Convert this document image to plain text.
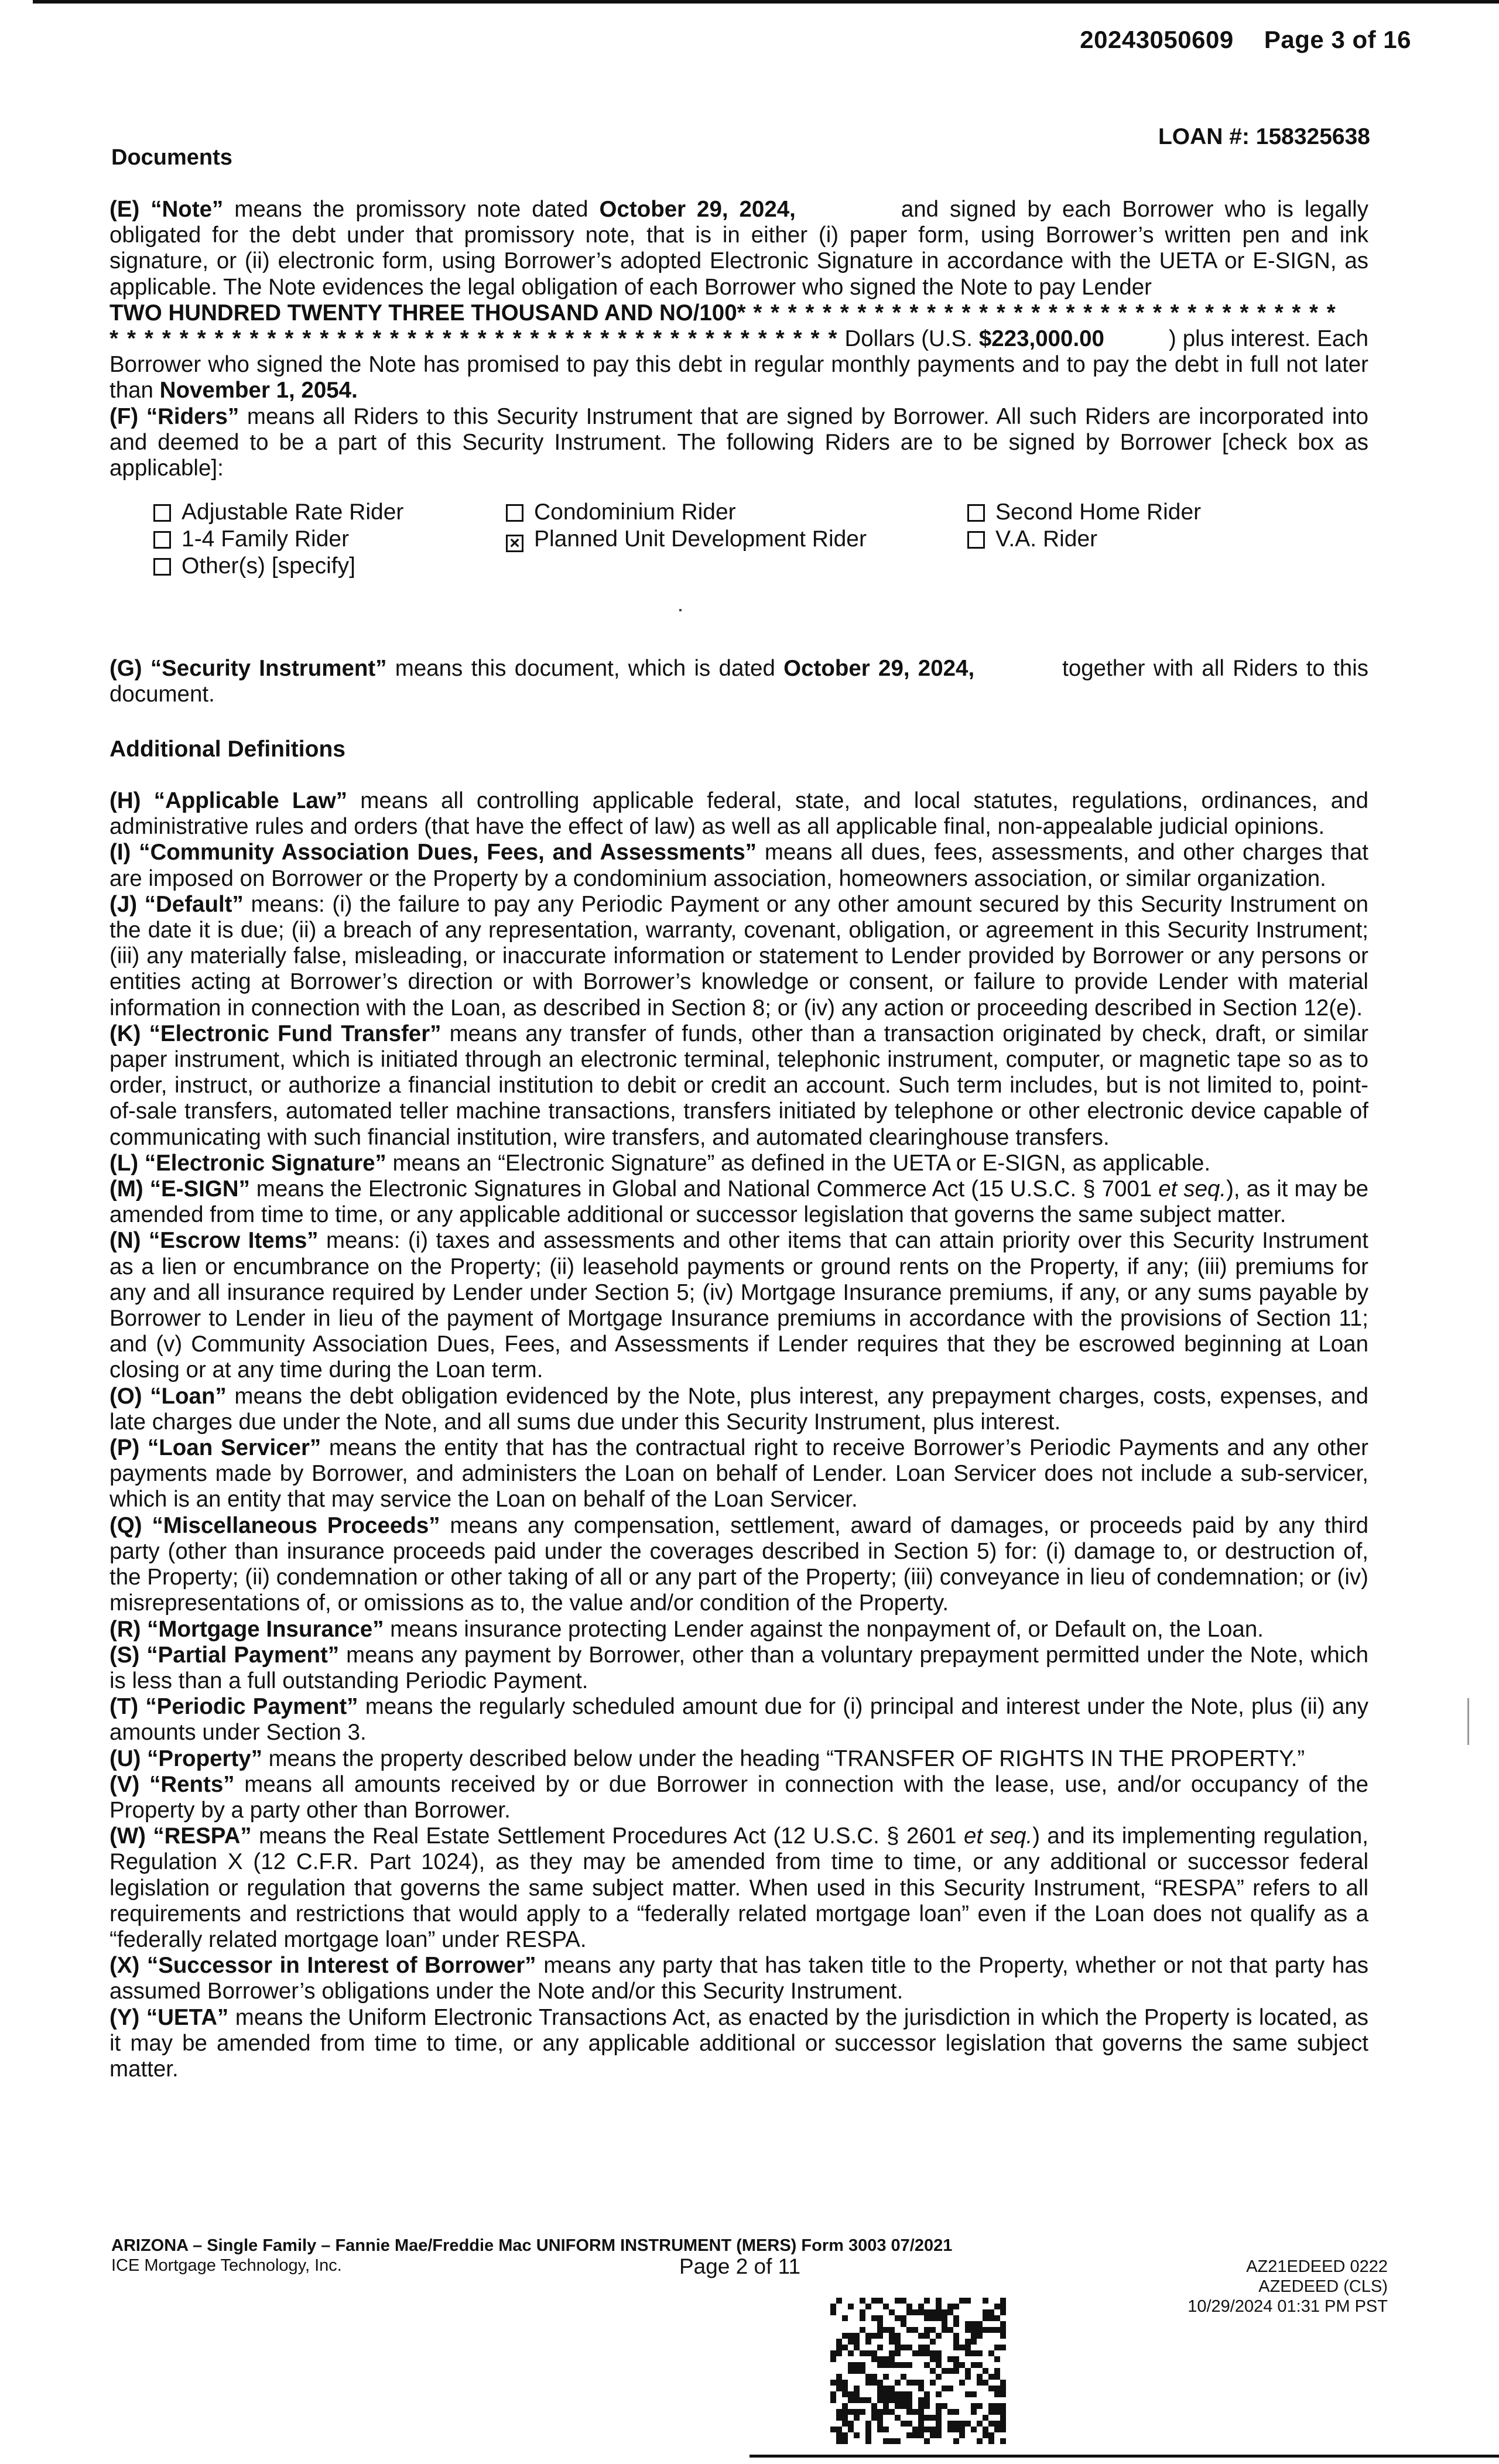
20243050609 Page 3 of 16
LOAN #: 158325638
Documents

(E) “Note” means the promissory note dated October 29, 2024,	and signed by each Borrower who is legally obligated for the debt under that promissory note, that is in either (i) paper form, using Borrower’s written pen and ink signature, or (ii) electronic form, using Borrower’s adopted Electronic Signature in accordance with the UETA or E-SIGN, as applicable. The Note evidences the legal obligation of each Borrower who signed the Note to pay Lender

TWO HUNDRED TWENTY THREE THOUSAND AND NO/100* * * * * * * * * * * * * * * * * * * * * * * * * * * * * * * * * * *

* * * * * * * * * * * * * * * * * * * * * * * * * * * * * * * * * * * * * * * * * * Dollars (U.S. $223,000.00	) plus interest. Each Borrower who signed the Note has promised to pay this debt in regular monthly payments and to pay the debt in full not later than November 1, 2054.

(F) “Riders” means all Riders to this Security Instrument that are signed by Borrower. All such Riders are incorporated into and deemed to be a part of this Security Instrument. The following Riders are to be signed by Borrower [check box as applicable]:

Adjustable Rate Rider	Condominium Rider	Second Home Rider
1-4 Family Rider	× Planned Unit Development Rider	V.A. Rider
Other(s) [specify]

(G) “Security Instrument” means this document, which is dated October 29, 2024,	together with all Riders to this document.

Additional Definitions

(H) “Applicable Law” means all controlling applicable federal, state, and local statutes, regulations, ordinances, and administrative rules and orders (that have the effect of law) as well as all applicable final, non-appealable judicial opinions.

(I) “Community Association Dues, Fees, and Assessments” means all dues, fees, assessments, and other charges that are imposed on Borrower or the Property by a condominium association, homeowners association, or similar organization.

(J) “Default” means: (i) the failure to pay any Periodic Payment or any other amount secured by this Security Instrument on the date it is due; (ii) a breach of any representation, warranty, covenant, obligation, or agreement in this Security Instrument; (iii) any materially false, misleading, or inaccurate information or statement to Lender provided by Borrower or any persons or entities acting at Borrower’s direction or with Borrower’s knowledge or consent, or failure to provide Lender with material information in connection with the Loan, as described in Section 8; or (iv) any action or proceeding described in Section 12(e).

(K) “Electronic Fund Transfer” means any transfer of funds, other than a transaction originated by check, draft, or similar paper instrument, which is initiated through an electronic terminal, telephonic instrument, computer, or magnetic tape so as to order, instruct, or authorize a financial institution to debit or credit an account. Such term includes, but is not limited to, point-of-sale transfers, automated teller machine transactions, transfers initiated by telephone or other electronic device capable of communicating with such financial institution, wire transfers, and automated clearinghouse transfers.

(L) “Electronic Signature” means an “Electronic Signature” as defined in the UETA or E-SIGN, as applicable.

(M) “E-SIGN” means the Electronic Signatures in Global and National Commerce Act (15 U.S.C. § 7001 et seq.), as it may be amended from time to time, or any applicable additional or successor legislation that governs the same subject matter.

(N) “Escrow Items” means: (i) taxes and assessments and other items that can attain priority over this Security Instrument as a lien or encumbrance on the Property; (ii) leasehold payments or ground rents on the Property, if any; (iii) premiums for any and all insurance required by Lender under Section 5; (iv) Mortgage Insurance premiums, if any, or any sums payable by Borrower to Lender in lieu of the payment of Mortgage Insurance premiums in accordance with the provisions of Section 11; and (v) Community Association Dues, Fees, and Assessments if Lender requires that they be escrowed beginning at Loan closing or at any time during the Loan term.

(O) “Loan” means the debt obligation evidenced by the Note, plus interest, any prepayment charges, costs, expenses, and late charges due under the Note, and all sums due under this Security Instrument, plus interest.

(P) “Loan Servicer” means the entity that has the contractual right to receive Borrower’s Periodic Payments and any other payments made by Borrower, and administers the Loan on behalf of Lender. Loan Servicer does not include a sub-servicer, which is an entity that may service the Loan on behalf of the Loan Servicer.

(Q) “Miscellaneous Proceeds” means any compensation, settlement, award of damages, or proceeds paid by any third party (other than insurance proceeds paid under the coverages described in Section 5) for: (i) damage to, or destruction of, the Property; (ii) condemnation or other taking of all or any part of the Property; (iii) conveyance in lieu of condemnation; or (iv) misrepresentations of, or omissions as to, the value and/or condition of the Property.

(R) “Mortgage Insurance” means insurance protecting Lender against the nonpayment of, or Default on, the Loan.

(S) “Partial Payment” means any payment by Borrower, other than a voluntary prepayment permitted under the Note, which is less than a full outstanding Periodic Payment.

(T) “Periodic Payment” means the regularly scheduled amount due for (i) principal and interest under the Note, plus (ii) any amounts under Section 3.

(U) “Property” means the property described below under the heading “TRANSFER OF RIGHTS IN THE PROPERTY.”

(V) “Rents” means all amounts received by or due Borrower in connection with the lease, use, and/or occupancy of the Property by a party other than Borrower.

(W) “RESPA” means the Real Estate Settlement Procedures Act (12 U.S.C. § 2601 et seq.) and its implementing regulation, Regulation X (12 C.F.R. Part 1024), as they may be amended from time to time, or any additional or successor federal legislation or regulation that governs the same subject matter. When used in this Security Instrument, “RESPA” refers to all requirements and restrictions that would apply to a “federally related mortgage loan” even if the Loan does not qualify as a “federally related mortgage loan” under RESPA.

(X) “Successor in Interest of Borrower” means any party that has taken title to the Property, whether or not that party has assumed Borrower’s obligations under the Note and/or this Security Instrument.

(Y) “UETA” means the Uniform Electronic Transactions Act, as enacted by the jurisdiction in which the Property is located, as it may be amended from time to time, or any applicable additional or successor legislation that governs the same subject matter.

ARIZONA – Single Family – Fannie Mae/Freddie Mac UNIFORM INSTRUMENT (MERS) Form 3003 07/2021
ICE Mortgage Technology, Inc.	Page 2 of 11	AZ21EDEED 0222
AZEDEED (CLS)
10/29/2024 01:31 PM PST
